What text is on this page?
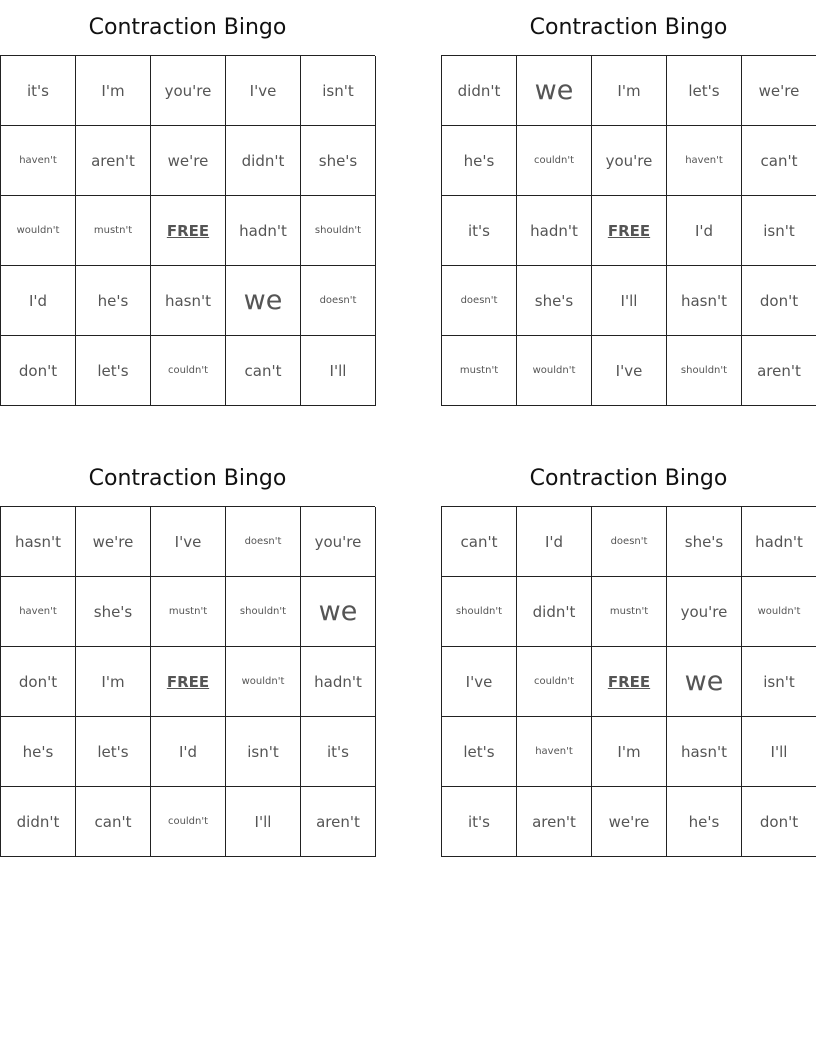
Contraction Bingo
it's	I'm	you're	I've	isn't
haven't	aren't	we're	didn't	she's
wouldn't	mustn't	FREE	hadn't	shouldn't
I'd	he's	hasn't	we	doesn't
don't	let's	couldn't	can't	I'll
Contraction Bingo
didn't	we	I'm	let's	we're
he's	couldn't	you're	haven't	can't
it's	hadn't	FREE	I'd	isn't
doesn't	she's	I'll	hasn't	don't
mustn't	wouldn't	I've	shouldn't	aren't
Contraction Bingo
hasn't	we're	I've	doesn't	you're
haven't	she's	mustn't	shouldn't	we
don't	I'm	FREE	wouldn't	hadn't
he's	let's	I'd	isn't	it's
didn't	can't	couldn't	I'll	aren't
Contraction Bingo
can't	I'd	doesn't	she's	hadn't
shouldn't	didn't	mustn't	you're	wouldn't
I've	couldn't	FREE	we	isn't
let's	haven't	I'm	hasn't	I'll
it's	aren't	we're	he's	don't
